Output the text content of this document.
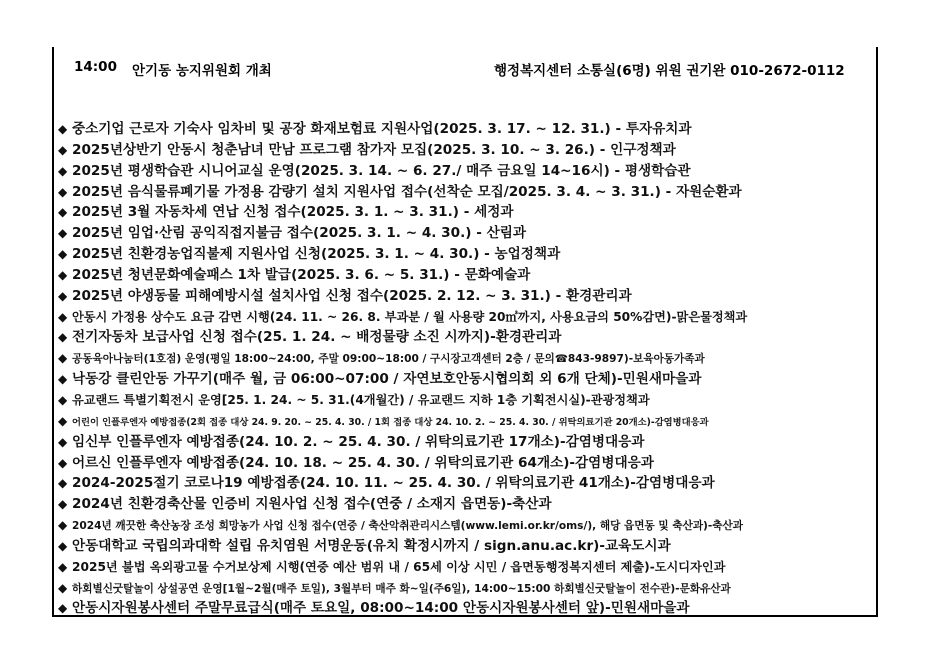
14:00 안기동 농지위원회 개최	행정복지센터 소통실(6명) 위원 권기완 010-2672-0112
◆ 중소기업 근로자 기숙사 임차비 및 공장 화재보험료 지원사업(2025. 3. 17. ~ 12. 31.) - 투자유치과
◆ 2025년상반기 안동시 청춘남녀 만남 프로그램 참가자 모집(2025. 3. 10. ~ 3. 26.) - 인구정책과
◆ 2025년 평생학습관 시니어교실 운영(2025. 3. 14. ~ 6. 27./ 매주 금요일 14~16시) - 평생학습관
◆ 2025년 음식물류폐기물 가정용 감량기 설치 지원사업 접수(선착순 모집/2025. 3. 4. ~ 3. 31.) - 자원순환과
◆ 2025년 3월 자동차세 연납 신청 접수(2025. 3. 1. ~ 3. 31.) - 세정과
◆ 2025년 임업·산림 공익직접지불금 접수(2025. 3. 1. ~ 4. 30.) - 산림과
◆ 2025년 친환경농업직불제 지원사업 신청(2025. 3. 1. ~ 4. 30.) - 농업정책과
◆ 2025년 청년문화예술패스 1차 발급(2025. 3. 6. ~ 5. 31.) - 문화예술과
◆ 2025년 야생동물 피해예방시설 설치사업 신청 접수(2025. 2. 12. ~ 3. 31.) - 환경관리과
◆ 안동시 가정용 상수도 요금 감면 시행(24. 11. ~ 26. 8. 부과분 / 월 사용량 20㎥까지, 사용요금의 50%감면)-맑은물정책과
◆ 전기자동차 보급사업 신청 접수(25. 1. 24. ~ 배정물량 소진 시까지)-환경관리과
◆ 공동육아나눔터(1호점) 운영(평일 18:00~24:00, 주말 09:00~18:00 / 구시장고객센터 2층 / 문의☎843-9897)-보육아동가족과
◆ 낙동강 클린안동 가꾸기(매주 월, 금 06:00~07:00 / 자연보호안동시협의회 외 6개 단체)-민원새마을과
◆ 유교랜드 특별기획전시 운영[25. 1. 24. ~ 5. 31.(4개월간) / 유교랜드 지하 1층 기획전시실)-관광정책과
◆ 어린이 인플루엔자 예방접종(2회 접종 대상 24. 9. 20. ~ 25. 4. 30. / 1회 접종 대상 24. 10. 2. ~ 25. 4. 30. / 위탁의료기관 20개소)-감염병대응과
◆ 임신부 인플루엔자 예방접종(24. 10. 2. ~ 25. 4. 30. / 위탁의료기관 17개소)-감염병대응과
◆ 어르신 인플루엔자 예방접종(24. 10. 18. ~ 25. 4. 30. / 위탁의료기관 64개소)-감염병대응과
◆ 2024-2025절기 코로나19 예방접종(24. 10. 11. ~ 25. 4. 30. / 위탁의료기관 41개소)-감염병대응과
◆ 2024년 친환경축산물 인증비 지원사업 신청 접수(연중 / 소재지 읍면동)-축산과
◆ 2024년 깨끗한 축산농장 조성 희망농가 사업 신청 접수(연중 / 축산악취관리시스템(www.lemi.or.kr/oms/), 해당 읍면동 및 축산과)-축산과
◆ 안동대학교 국립의과대학 설립 유치염원 서명운동(유치 확정시까지 / sign.anu.ac.kr)-교육도시과
◆ 2025년 불법 옥외광고물 수거보상제 시행(연중 예산 범위 내 / 65세 이상 시민 / 읍면동행정복지센터 제출)-도시디자인과
◆ 하회별신굿탈놀이 상설공연 운영[1월~2월(매주 토일), 3월부터 매주 화~일(주6일), 14:00~15:00 하회별신굿탈놀이 전수관)-문화유산과
◆ 안동시자원봉사센터 주말무료급식(매주 토요일, 08:00~14:00 안동시자원봉사센터 앞)-민원새마을과
